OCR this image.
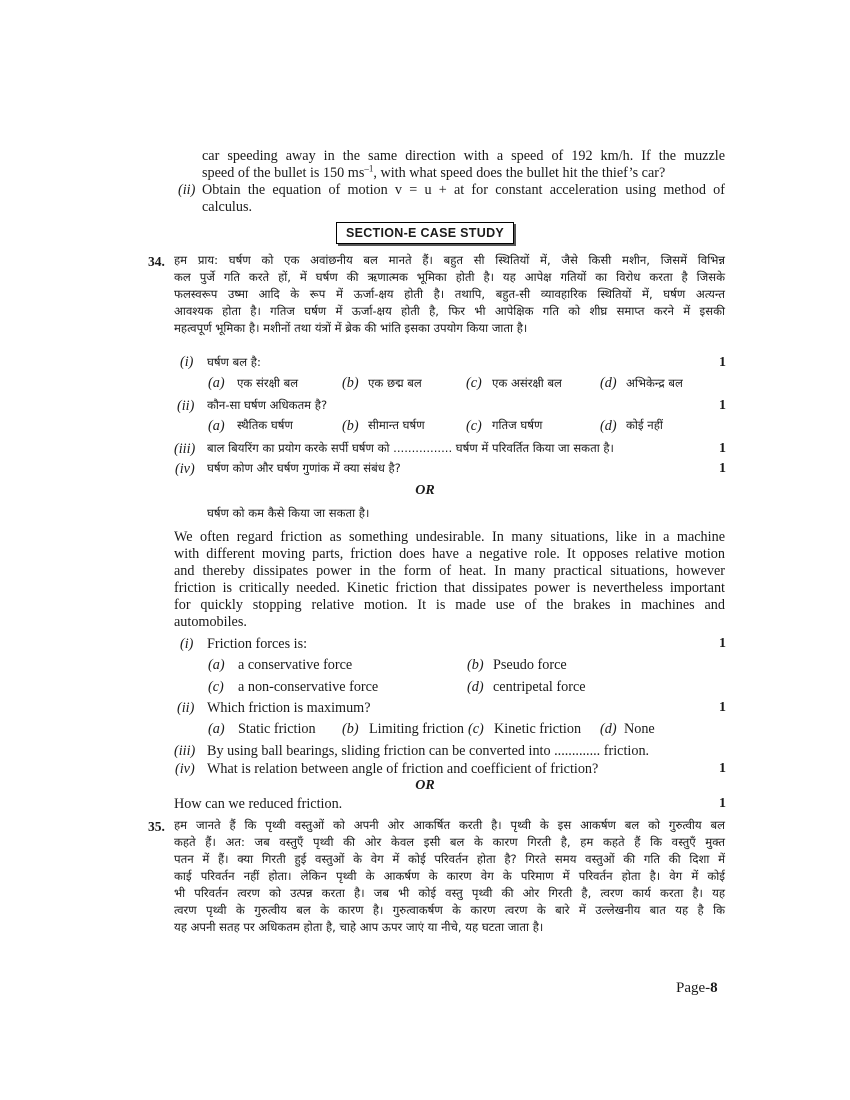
car speeding away in the same direction with a speed of 192 km/h. If the muzzle
speed of the bullet is 150 $ms^{-1}$, with what speed does the bullet hit the thief’s car?
(ii) Obtain the equation of motion v = u + at for constant acceleration using method of
calculus.
SECTION-E CASE STUDY
34. हम प्राय: घर्षण को एक अवांछनीय बल मानते हैं। बहुत सी स्थितियों में, जैसे किसी मशीन, जिसमें विभिन्न
कल पुर्जे गति करते हों, में घर्षण की ऋणात्मक भूमिका होती है। यह आपेक्ष गतियों का विरोध करता है जिसके
फलस्वरूप उष्मा आदि के रूप में ऊर्जा-क्षय होती है। तथापि, बहुत-सी व्यावहारिक स्थितियों में, घर्षण अत्यन्त
आवश्यक होता है। गतिज घर्षण में ऊर्जा-क्षय होती है, फिर भी आपेक्षिक गति को शीघ्र समाप्त करने में इसकी
महत्वपूर्ण भूमिका है। मशीनों तथा यंत्रों में ब्रेक की भांति इसका उपयोग किया जाता है।
(i) घर्षण बल है:	1
(a) एक संरक्षी बल	(b) एक छद्म बल	(c) एक असंरक्षी बल	(d) अभिकेन्द्र बल
(ii) कौन-सा घर्षण अधिकतम है?	1
(a) स्थैतिक घर्षण	(b) सीमान्त घर्षण	(c) गतिज घर्षण	(d) कोई नहीं
(iii) बाल बियरिंग का प्रयोग करके सर्पी घर्षण को ................ घर्षण में परिवर्तित किया जा सकता है।	1
(iv) घर्षण कोण और घर्षण गुणांक में क्या संबंध है?	1
OR
घर्षण को कम कैसे किया जा सकता है।
We often regard friction as something undesirable. In many situations, like in a machine
with different moving parts, friction does have a negative role. It opposes relative motion
and thereby dissipates power in the form of heat. In many practical situations, however
friction is critically needed. Kinetic friction that dissipates power is nevertheless important
for quickly stopping relative motion. It is made use of the brakes in machines and
automobiles.
(i) Friction forces is:	1
(a) a conservative force	(b) Pseudo force
(c) a non-conservative force	(d) centripetal force
(ii) Which friction is maximum?	1
(a) Static friction (b) Limiting friction (c) Kinetic friction (d) None
(iii) By using ball bearings, sliding friction can be converted into ............. friction.
(iv) What is relation between angle of friction and coefficient of friction?	1
OR
How can we reduced friction.	1
35. हम जानते हैं कि पृथ्वी वस्तुओं को अपनी ओर आकर्षित करती है। पृथ्वी के इस आकर्षण बल को गुरुत्वीय बल
कहते हैं। अत: जब वस्तुएँ पृथ्वी की ओर केवल इसी बल के कारण गिरती है, हम कहते हैं कि वस्तुएँ मुक्त
पतन में हैं। क्या गिरती हुई वस्तुओं के वेग में कोई परिवर्तन होता है? गिरते समय वस्तुओं की गति की दिशा में
काई परिवर्तन नहीं होता। लेकिन पृथ्वी के आकर्षण के कारण वेग के परिमाण में परिवर्तन होता है। वेग में कोई
भी परिवर्तन त्वरण को उत्पन्न करता है। जब भी कोई वस्तु पृथ्वी की ओर गिरती है, त्वरण कार्य करता है। यह
त्वरण पृथ्वी के गुरुत्वीय बल के कारण है। गुरुत्वाकर्षण के कारण त्वरण के बारे में उल्लेखनीय बात यह है कि
यह अपनी सतह पर अधिकतम होता है, चाहे आप ऊपर जाएं या नीचे, यह घटता जाता है।
Page-8
